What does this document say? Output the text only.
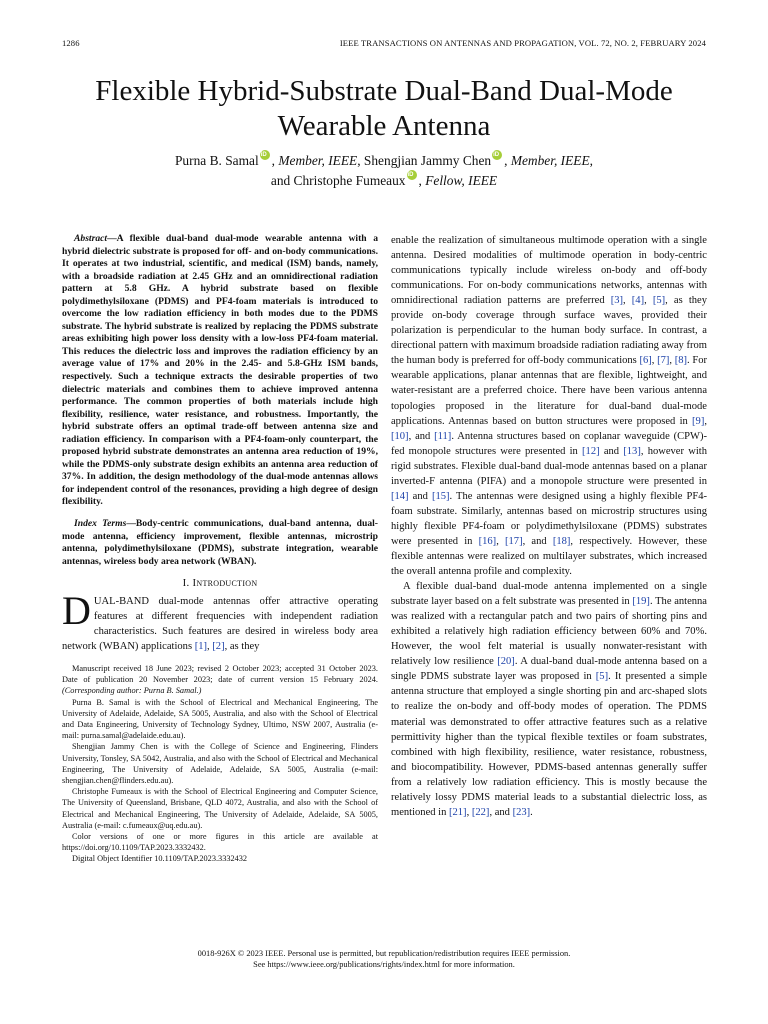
1286	IEEE TRANSACTIONS ON ANTENNAS AND PROPAGATION, VOL. 72, NO. 2, FEBRUARY 2024
Flexible Hybrid-Substrate Dual-Band Dual-Mode
Wearable Antenna
Purna B. Samal iD , Member, IEEE, Shengjian Jammy Chen iD , Member, IEEE,
and Christophe Fumeaux iD , Fellow, IEEE

Abstract—A flexible dual-band dual-mode wearable antenna with a hybrid dielectric substrate is proposed for off- and on-body communications. It operates at two industrial, scientific, and medical (ISM) bands, namely, with a broadside radiation at 2.45 GHz and an omnidirectional radiation pattern at 5.8 GHz. A hybrid substrate based on flexible polydimethylsiloxane (PDMS) and PF4-foam materials is introduced to overcome the low radiation efficiency in both modes due to the PDMS substrate. The hybrid substrate is realized by replacing the PDMS substrate areas exhibiting high power loss density with a low-loss PF4-foam material. This reduces the dielectric loss and improves the radiation efficiency by an average value of 17% and 20% in the 2.45- and 5.8-GHz ISM bands, respectively. Such a technique extracts the desirable properties of two dielectric materials and combines them to achieve improved antenna performance. The common properties of both materials include high flexibility, resilience, water resistance, and robustness. Importantly, the hybrid substrate offers an optimal trade-off between antenna size and radiation efficiency. In comparison with a PF4-foam-only counterpart, the proposed hybrid substrate demonstrates an antenna area reduction of 19%, while the PDMS-only substrate design exhibits an antenna area reduction of 37%. In addition, the design methodology of the dual-mode antennas allows for independent control of the resonances, providing a high degree of design flexibility.

Index Terms—Body-centric communications, dual-band antenna, dual-mode antenna, efficiency improvement, flexible antennas, microstrip antenna, polydimethylsiloxane (PDMS), substrate integration, wearable antennas, wireless body area network (WBAN).

I. Introduction

DUAL-BAND dual-mode antennas offer attractive operating features at different frequencies with independent radiation characteristics. Such features are desired in wireless body area network (WBAN) applications [1], [2], as they

Manuscript received 18 June 2023; revised 2 October 2023; accepted 31 October 2023. Date of publication 20 November 2023; date of current version 15 February 2024. (Corresponding author: Purna B. Samal.)

Purna B. Samal is with the School of Electrical and Mechanical Engineering, The University of Adelaide, Adelaide, SA 5005, Australia, and also with the School of Electrical and Data Engineering, University of Technology Sydney, Ultimo, NSW 2007, Australia (e-mail: purna.samal@adelaide.edu.au).

Shengjian Jammy Chen is with the College of Science and Engineering, Flinders University, Tonsley, SA 5042, Australia, and also with the School of Electrical and Mechanical Engineering, The University of Adelaide, Adelaide, SA 5005, Australia (e-mail: shengjian.chen@flinders.edu.au).

Christophe Fumeaux is with the School of Electrical Engineering and Computer Science, The University of Queensland, Brisbane, QLD 4072, Australia, and also with the School of Electrical and Mechanical Engineering, The University of Adelaide, Adelaide, SA 5005, Australia (e-mail: c.fumeaux@uq.edu.au).

Color versions of one or more figures in this article are available at https://doi.org/10.1109/TAP.2023.3332432.

Digital Object Identifier 10.1109/TAP.2023.3332432

enable the realization of simultaneous multimode operation with a single antenna. Desired modalities of multimode operation in body-centric communications typically include wireless on-body and off-body communications. For on-body communications networks, antennas with omnidirectional radiation patterns are preferred [3], [4], [5], as they provide on-body coverage through surface waves, provided their polarization is perpendicular to the human body surface. In contrast, a directional pattern with maximum broadside radiation radiating away from the human body is preferred for off-body communications [6], [7], [8]. For wearable applications, planar antennas that are flexible, lightweight, and water-resistant are a preferred choice. There have been various antenna topologies proposed in the literature for dual-band dual-mode applications. Antennas based on button structures were proposed in [9], [10], and [11]. Antenna structures based on coplanar waveguide (CPW)-fed monopole structures were presented in [12] and [13], however with rigid substrates. Flexible dual-band dual-mode antennas based on a planar inverted-F antenna (PIFA) and a monopole structure were presented in [14] and [15]. The antennas were designed using a highly flexible PF4-foam substrate. Similarly, antennas based on microstrip structures using highly flexible PF4-foam or polydimethylsiloxane (PDMS) substrates were presented in [16], [17], and [18], respectively. However, these flexible antennas were realized on multilayer substrates, which increased the overall antenna profile and complexity.

A flexible dual-band dual-mode antenna implemented on a single substrate layer based on a felt substrate was presented in [19]. The antenna was realized with a rectangular patch and two pairs of shorting pins and exhibited a relatively high radiation efficiency between 60% and 70%. However, the wool felt material is usually nonwater-resistant with relatively low resilience [20]. A dual-band dual-mode antenna based on a single PDMS substrate layer was proposed in [5]. It presented a simple antenna structure that employed a single shorting pin and arc-shaped slots to realize the on-body and off-body modes of operation. The PDMS material was demonstrated to offer attractive features such as a relative permittivity higher than the typical flexible textiles or foam substrates, combined with high flexibility, resilience, water resistance, robustness, and biocompatibility. However, PDMS-based antennas generally suffer from a relatively low radiation efficiency. This is mostly because the relatively lossy PDMS material leads to a substantial dielectric loss, as mentioned in [21], [22], and [23].

0018-926X © 2023 IEEE. Personal use is permitted, but republication/redistribution requires IEEE permission.
See https://www.ieee.org/publications/rights/index.html for more information.
